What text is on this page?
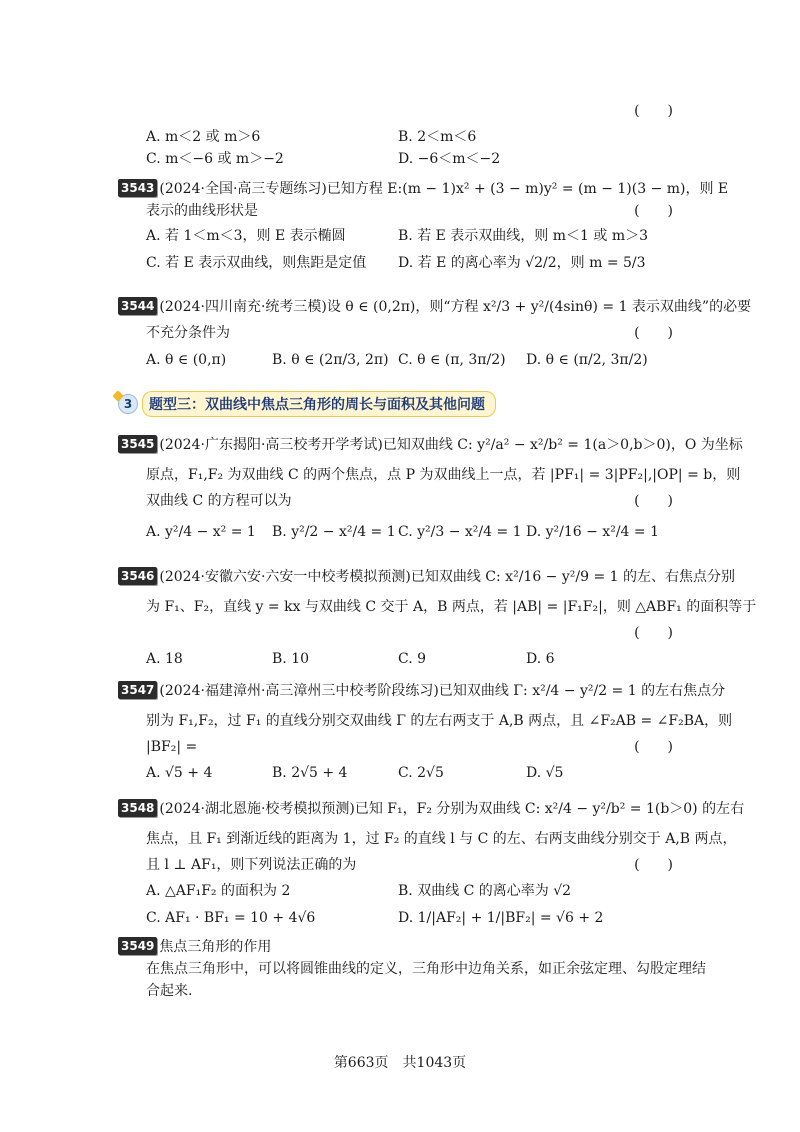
(　　)
A. m＜2 或 m＞6	B. 2＜m＜6
C. m＜−6 或 m＞−2	D. −6＜m＜−2
3543 (2024·全国·高三专题练习)已知方程 E:(m − 1)x² + (3 − m)y² = (m − 1)(3 − m)，则 E
表示的曲线形状是	(　　)
A. 若 1＜m＜3，则 E 表示椭圆	B. 若 E 表示双曲线，则 m＜1 或 m＞3
C. 若 E 表示双曲线，则焦距是定值 D. 若 E 的离心率为 √2/2，则 m = 5/3
3544 (2024·四川南充·统考三模)设 θ ∈ (0,2π)，则“方程 x²/3 + y²/(4sinθ) = 1 表示双曲线”的必要
不充分条件为	(　　)
A. θ ∈ (0,π)	B. θ ∈ (2π/3, 2π) C. θ ∈ (π, 3π/2) D. θ ∈ (π/2, 3π/2)
3	题型三：双曲线中焦点三角形的周长与面积及其他问题
3545 (2024·广东揭阳·高三校考开学考试)已知双曲线 C: y²/a² − x²/b² = 1(a＞0,b＞0)，O 为坐标
原点，F₁,F₂ 为双曲线 C 的两个焦点，点 P 为双曲线上一点，若 |PF₁| = 3|PF₂|,|OP| = b，则
双曲线 C 的方程可以为	(　　)
A. y²/4 − x² = 1 B. y²/2 − x²/4 = 1 C. y²/3 − x²/4 = 1 D. y²/16 − x²/4 = 1
3546 (2024·安徽六安·六安一中校考模拟预测)已知双曲线 C: x²/16 − y²/9 = 1 的左、右焦点分别
为 F₁、F₂，直线 y = kx 与双曲线 C 交于 A，B 两点，若 |AB| = |F₁F₂|，则 △ABF₁ 的面积等于
(　　)
A. 18	B. 10	C. 9	D. 6
3547 (2024·福建漳州·高三漳州三中校考阶段练习)已知双曲线 Γ: x²/4 − y²/2 = 1 的左右焦点分
别为 F₁,F₂，过 F₁ 的直线分别交双曲线 Γ 的左右两支于 A,B 两点，且 ∠F₂AB = ∠F₂BA，则
|BF₂| =	(　　)
A. √5 + 4	B. 2√5 + 4	C. 2√5	D. √5
3548 (2024·湖北恩施·校考模拟预测)已知 F₁，F₂ 分别为双曲线 C: x²/4 − y²/b² = 1(b＞0) 的左右
焦点，且 F₁ 到渐近线的距离为 1，过 F₂ 的直线 l 与 C 的左、右两支曲线分别交于 A,B 两点，
且 l ⊥ AF₁，则下列说法正确的为	(　　)
A. △AF₁F₂ 的面积为 2	B. 双曲线 C 的离心率为 √2
C. AF₁ · BF₁ = 10 + 4√6	D. 1/|AF₂| + 1/|BF₂| = √6 + 2
3549 焦点三角形的作用
在焦点三角形中，可以将圆锥曲线的定义，三角形中边角关系，如正余弦定理、勾股定理结
合起来.
第663页　共1043页
